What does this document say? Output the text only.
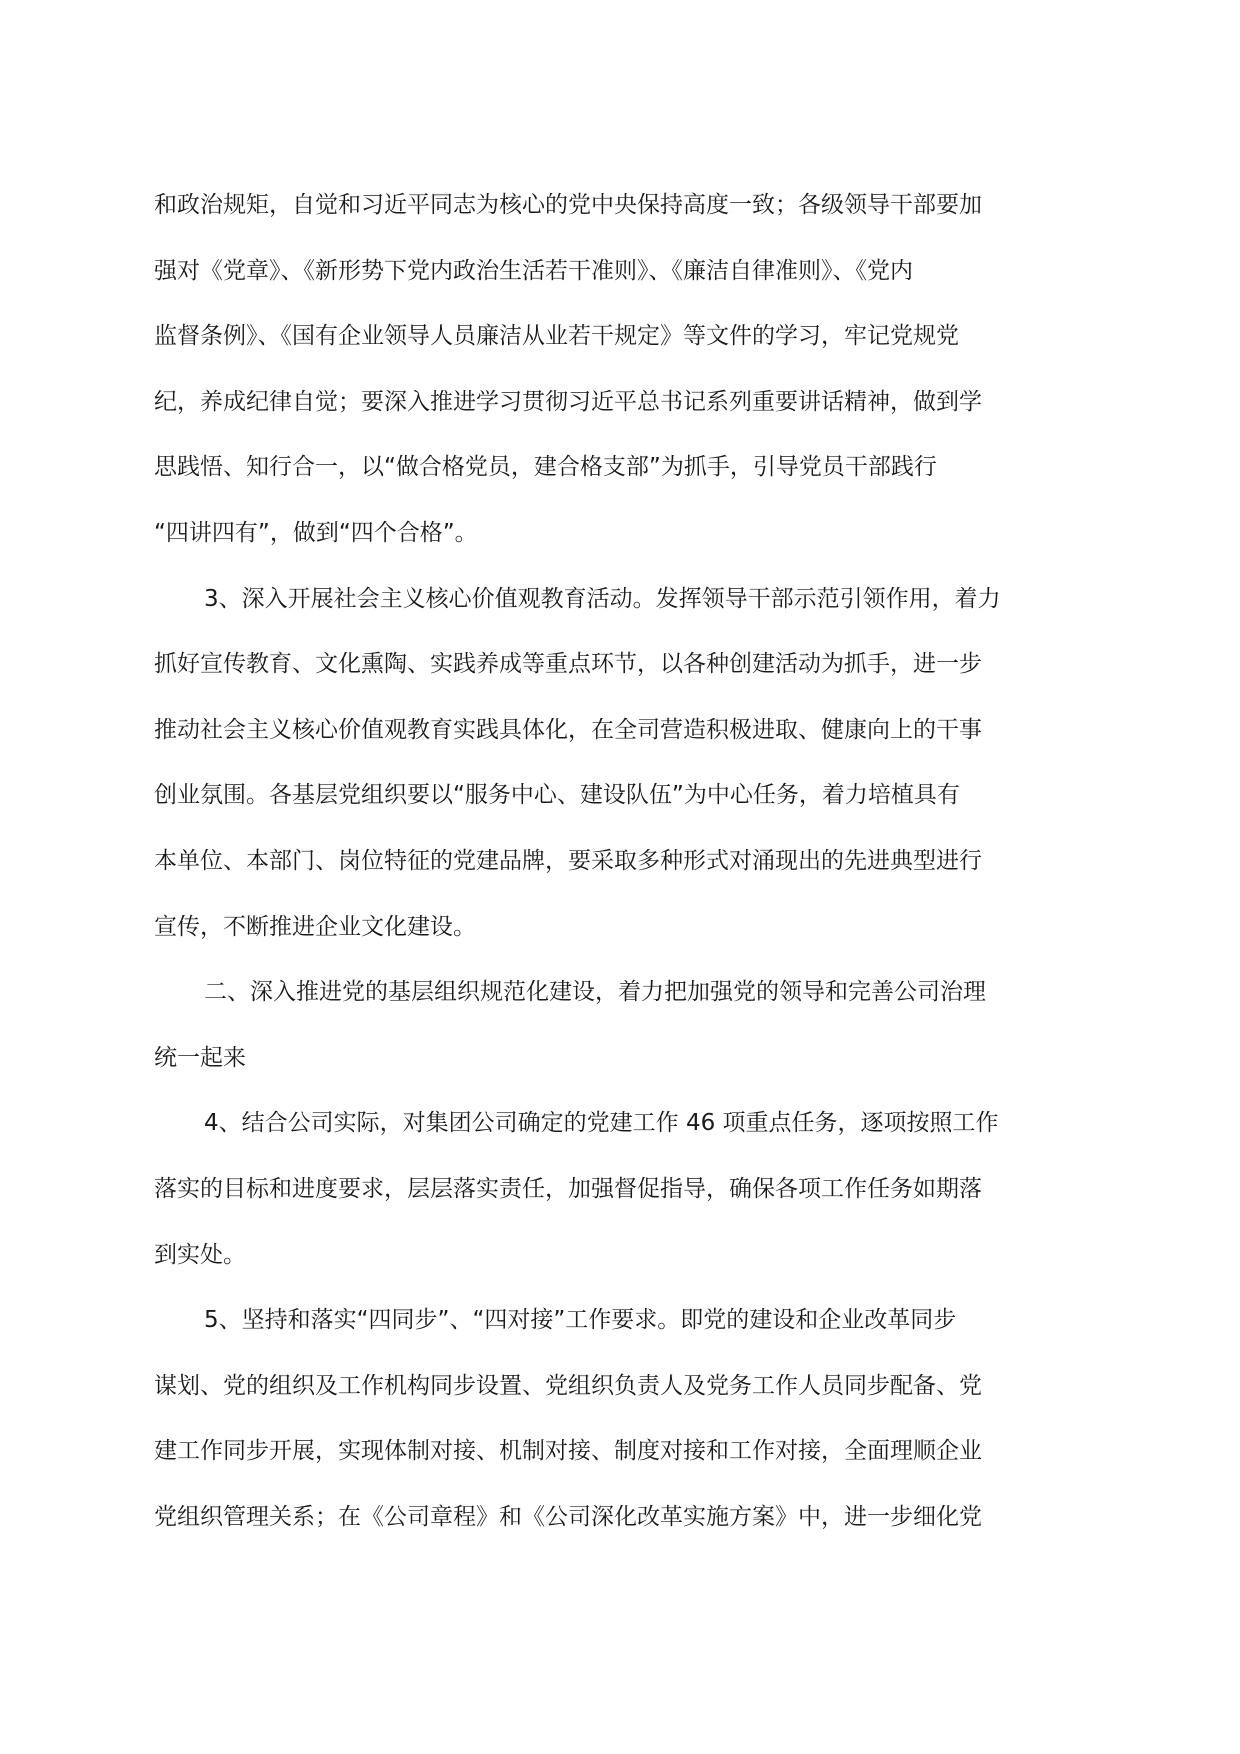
和政治规矩，自觉和习近平同志为核心的党中央保持高度一致；各级领导干部要加
强对《党章》、《新形势下党内政治生活若干准则》、《廉洁自律准则》、《党内
监督条例》、《国有企业领导人员廉洁从业若干规定》等文件的学习，牢记党规党
纪，养成纪律自觉；要深入推进学习贯彻习近平总书记系列重要讲话精神，做到学
思践悟、知行合一，以“做合格党员，建合格支部”为抓手，引导党员干部践行
“四讲四有”，做到“四个合格”。
3、深入开展社会主义核心价值观教育活动。发挥领导干部示范引领作用，着力
抓好宣传教育、文化熏陶、实践养成等重点环节，以各种创建活动为抓手，进一步
推动社会主义核心价值观教育实践具体化，在全司营造积极进取、健康向上的干事
创业氛围。各基层党组织要以“服务中心、建设队伍”为中心任务，着力培植具有
本单位、本部门、岗位特征的党建品牌，要采取多种形式对涌现出的先进典型进行
宣传，不断推进企业文化建设。
二、深入推进党的基层组织规范化建设，着力把加强党的领导和完善公司治理
统一起来
4、结合公司实际，对集团公司确定的党建工作 46 项重点任务，逐项按照工作
落实的目标和进度要求，层层落实责任，加强督促指导，确保各项工作任务如期落
到实处。
5、坚持和落实“四同步”、“四对接”工作要求。即党的建设和企业改革同步
谋划、党的组织及工作机构同步设置、党组织负责人及党务工作人员同步配备、党
建工作同步开展，实现体制对接、机制对接、制度对接和工作对接，全面理顺企业
党组织管理关系；在《公司章程》和《公司深化改革实施方案》中，进一步细化党
